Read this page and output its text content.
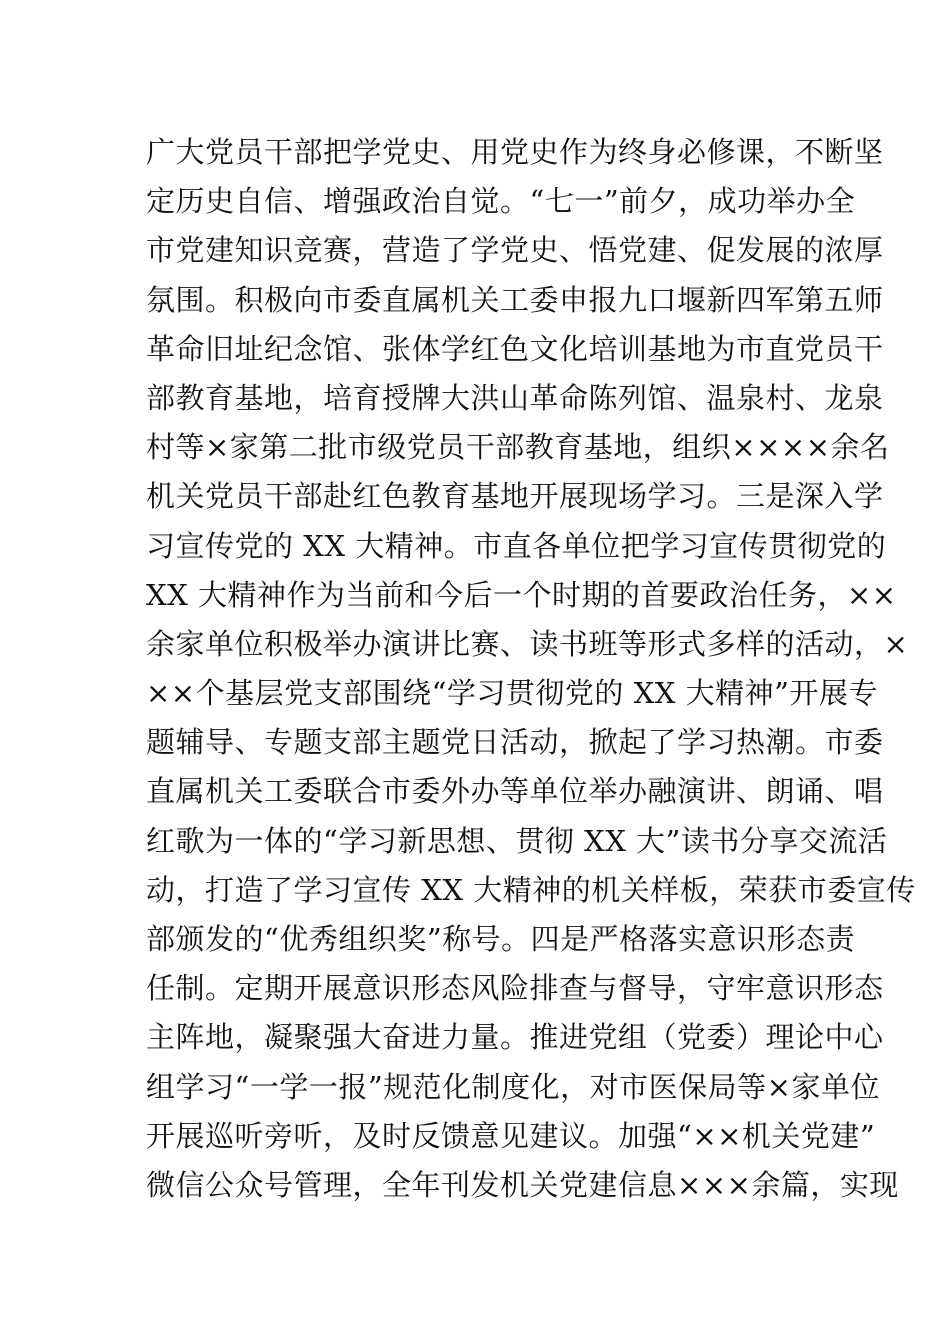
广大党员干部把学党史、用党史作为终身必修课，不断坚
定历史自信、增强政治自觉。“七一”前夕，成功举办全
市党建知识竞赛，营造了学党史、悟党建、促发展的浓厚
氛围。积极向市委直属机关工委申报九口堰新四军第五师
革命旧址纪念馆、张体学红色文化培训基地为市直党员干
部教育基地，培育授牌大洪山革命陈列馆、温泉村、龙泉
村等×家第二批市级党员干部教育基地，组织××××余名
机关党员干部赴红色教育基地开展现场学习。三是深入学
习宣传党的 XX 大精神。市直各单位把学习宣传贯彻党的
XX 大精神作为当前和今后一个时期的首要政治任务，××
余家单位积极举办演讲比赛、读书班等形式多样的活动，×
××个基层党支部围绕“学习贯彻党的 XX 大精神”开展专
题辅导、专题支部主题党日活动，掀起了学习热潮。市委
直属机关工委联合市委外办等单位举办融演讲、朗诵、唱
红歌为一体的“学习新思想、贯彻 XX 大”读书分享交流活
动，打造了学习宣传 XX 大精神的机关样板，荣获市委宣传
部颁发的“优秀组织奖”称号。四是严格落实意识形态责
任制。定期开展意识形态风险排查与督导，守牢意识形态
主阵地，凝聚强大奋进力量。推进党组（党委）理论中心
组学习“一学一报”规范化制度化，对市医保局等×家单位
开展巡听旁听，及时反馈意见建议。加强“××机关党建”
微信公众号管理，全年刊发机关党建信息×××余篇，实现
